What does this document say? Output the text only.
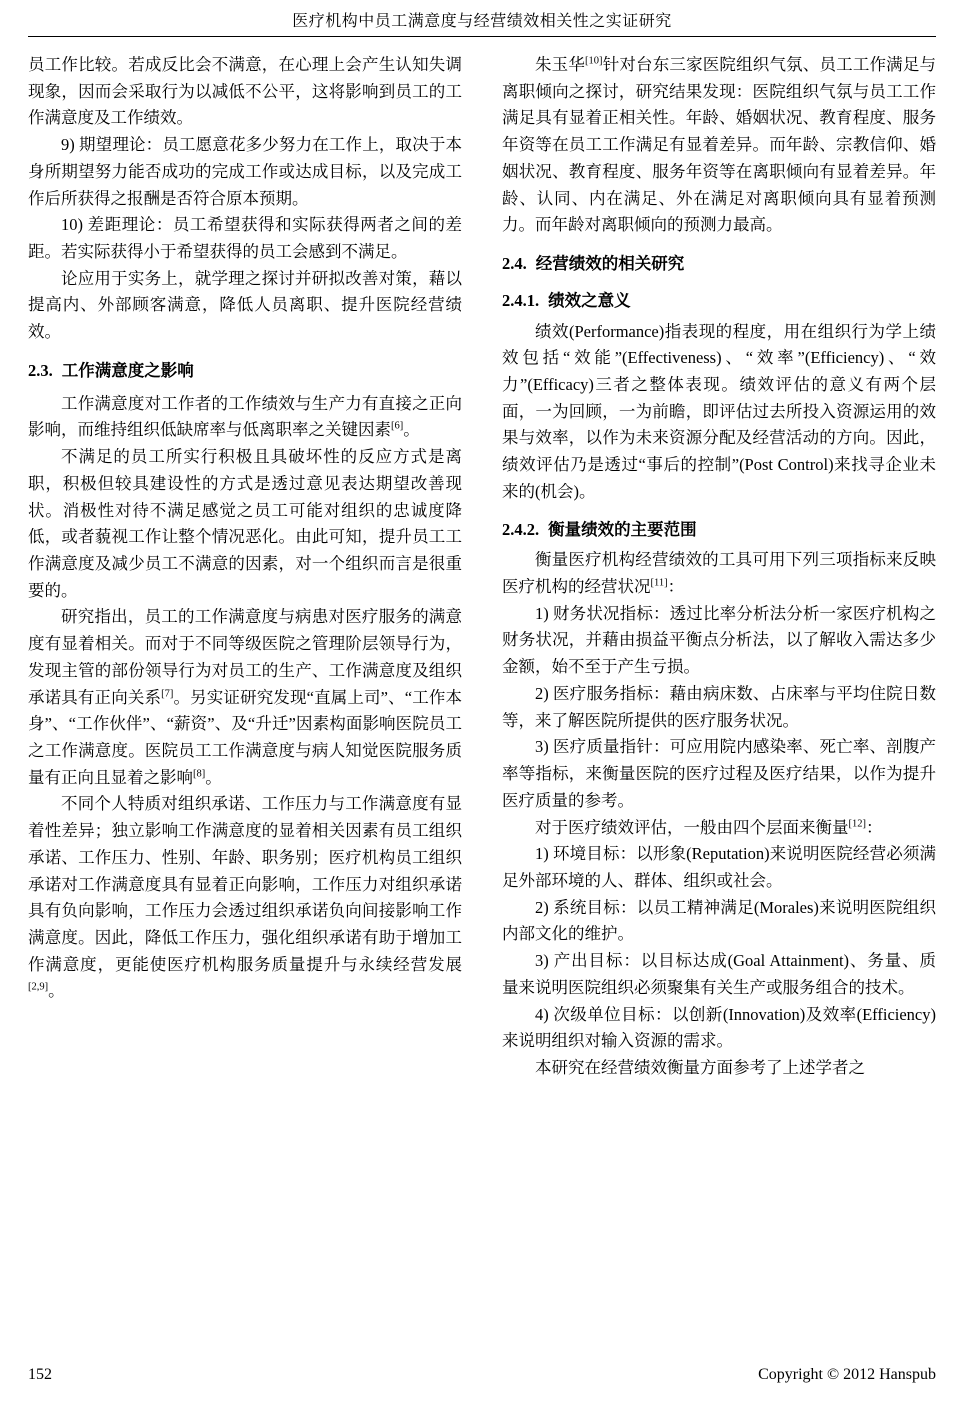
医疗机构中员工满意度与经营绩效相关性之实证研究

员工作比较。若成反比会不满意，在心理上会产生认知失调现象，因而会采取行为以减低不公平，这将影响到员工的工作满意度及工作绩效。

9) 期望理论：员工愿意花多少努力在工作上，取决于本身所期望努力能否成功的完成工作或达成目标，以及完成工作后所获得之报酬是否符合原本预期。

10) 差距理论：员工希望获得和实际获得两者之间的差距。若实际获得小于希望获得的员工会感到不满足。

论应用于实务上，就学理之探讨并研拟改善对策，藉以提高内、外部顾客满意，降低人员离职、提升医院经营绩效。

2.3. 工作满意度之影响

工作满意度对工作者的工作绩效与生产力有直接之正向影响，而维持组织低缺席率与低离职率之关键因素[6]。

不满足的员工所实行积极且具破坏性的反应方式是离职，积极但较具建设性的方式是透过意见表达期望改善现状。消极性对待不满足感觉之员工可能对组织的忠诚度降低，或者藐视工作让整个情况恶化。由此可知，提升员工工作满意度及减少员工不满意的因素，对一个组织而言是很重要的。

研究指出，员工的工作满意度与病患对医疗服务的满意度有显着相关。而对于不同等级医院之管理阶层领导行为，发现主管的部份领导行为对员工的生产、工作满意度及组织承诺具有正向关系[7]。另实证研究发现“直属上司”、“工作本身”、“工作伙伴”、“薪资”、及“升迁”因素构面影响医院员工之工作满意度。医院员工工作满意度与病人知觉医院服务质量有正向且显着之影响[8]。

不同个人特质对组织承诺、工作压力与工作满意度有显着性差异；独立影响工作满意度的显着相关因素有员工组织承诺、工作压力、性别、年龄、职务别；医疗机构员工组织承诺对工作满意度具有显着正向影响，工作压力对组织承诺具有负向影响，工作压力会透过组织承诺负向间接影响工作满意度。因此，降低工作压力，强化组织承诺有助于增加工作满意度，更能使医疗机构服务质量提升与永续经营发展[2,9]。

朱玉华[10]针对台东三家医院组织气氛、员工工作满足与离职倾向之探讨，研究结果发现：医院组织气氛与员工工作满足具有显着正相关性。年龄、婚姻状况、教育程度、服务年资等在员工工作满足有显着差异。而年龄、宗教信仰、婚姻状况、教育程度、服务年资等在离职倾向有显着差异。年龄、认同、内在满足、外在满足对离职倾向具有显着预测力。而年龄对离职倾向的预测力最高。

2.4. 经营绩效的相关研究
2.4.1. 绩效之意义

绩效(Performance)指表现的程度，用在组织行为学上绩效包括“效能”(Effectiveness)、“效率”(Efficiency)、“效力”(Efficacy)三者之整体表现。绩效评估的意义有两个层面，一为回顾，一为前瞻，即评估过去所投入资源运用的效果与效率，以作为未来资源分配及经营活动的方向。因此，绩效评估乃是透过“事后的控制”(Post Control)来找寻企业未来的(机会)。

2.4.2. 衡量绩效的主要范围

衡量医疗机构经营绩效的工具可用下列三项指标来反映医疗机构的经营状况[11]：

1) 财务状况指标：透过比率分析法分析一家医疗机构之财务状况，并藉由损益平衡点分析法，以了解收入需达多少金额，始不至于产生亏损。

2) 医疗服务指标：藉由病床数、占床率与平均住院日数等，来了解医院所提供的医疗服务状况。

3) 医疗质量指针：可应用院内感染率、死亡率、剖腹产率等指标，来衡量医院的医疗过程及医疗结果，以作为提升医疗质量的参考。

对于医疗绩效评估，一般由四个层面来衡量[12]：

1) 环境目标：以形象(Reputation)来说明医院经营必须满足外部环境的人、群体、组织或社会。

2) 系统目标：以员工精神满足(Morales)来说明医院组织内部文化的维护。

3) 产出目标：以目标达成(Goal Attainment)、务量、质量来说明医院组织必须聚集有关生产或服务组合的技术。

4) 次级单位目标：以创新(Innovation)及效率(Efficiency)来说明组织对输入资源的需求。

本研究在经营绩效衡量方面参考了上述学者之

152	Copyright © 2012 Hanspub
